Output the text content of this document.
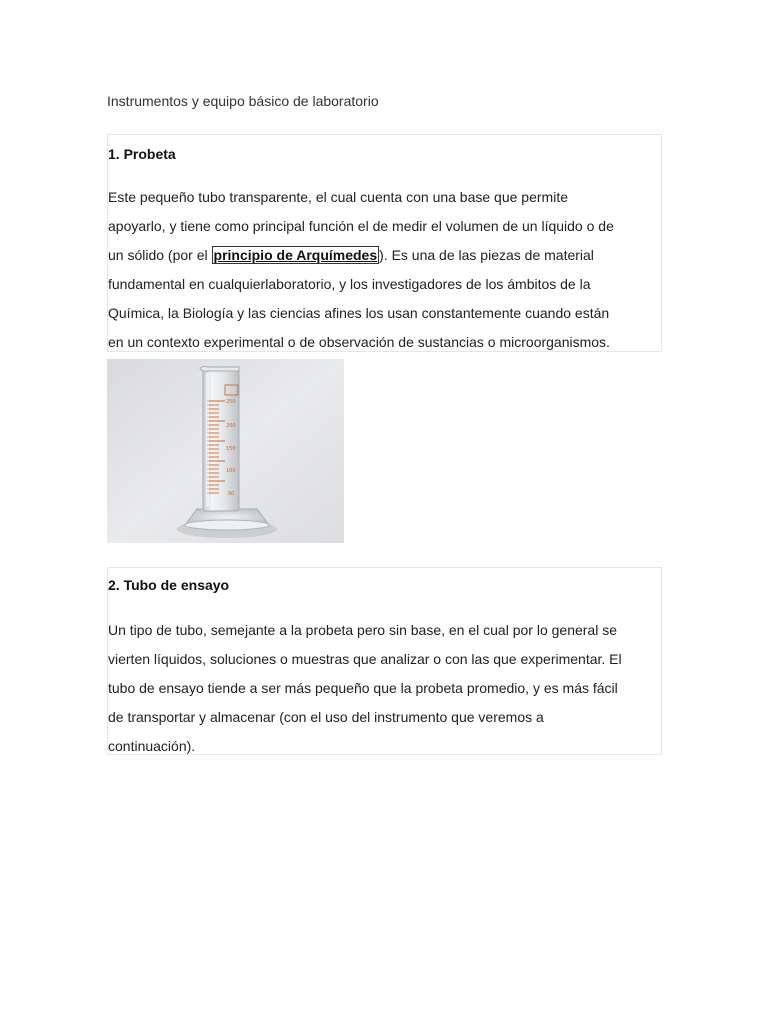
Instrumentos y equipo básico de laboratorio
1. Probeta
Este pequeño tubo transparente, el cual cuenta con una base que permite
apoyarlo, y tiene como principal función el de medir el volumen de un líquido o de
un sólido (por el principio de Arquímedes ). Es una de las piezas de material
fundamental en cualquierlaboratorio, y los investigadores de los ámbitos de la
Química, la Biología y las ciencias afines los usan constantemente cuando están
en un contexto experimental o de observación de sustancias o microorganismos.
250
200
150
100
50
2. Tubo de ensayo
Un tipo de tubo, semejante a la probeta pero sin base, en el cual por lo general se
vierten líquidos, soluciones o muestras que analizar o con las que experimentar. El
tubo de ensayo tiende a ser más pequeño que la probeta promedio, y es más fácil
de transportar y almacenar (con el uso del instrumento que veremos a
continuación).
